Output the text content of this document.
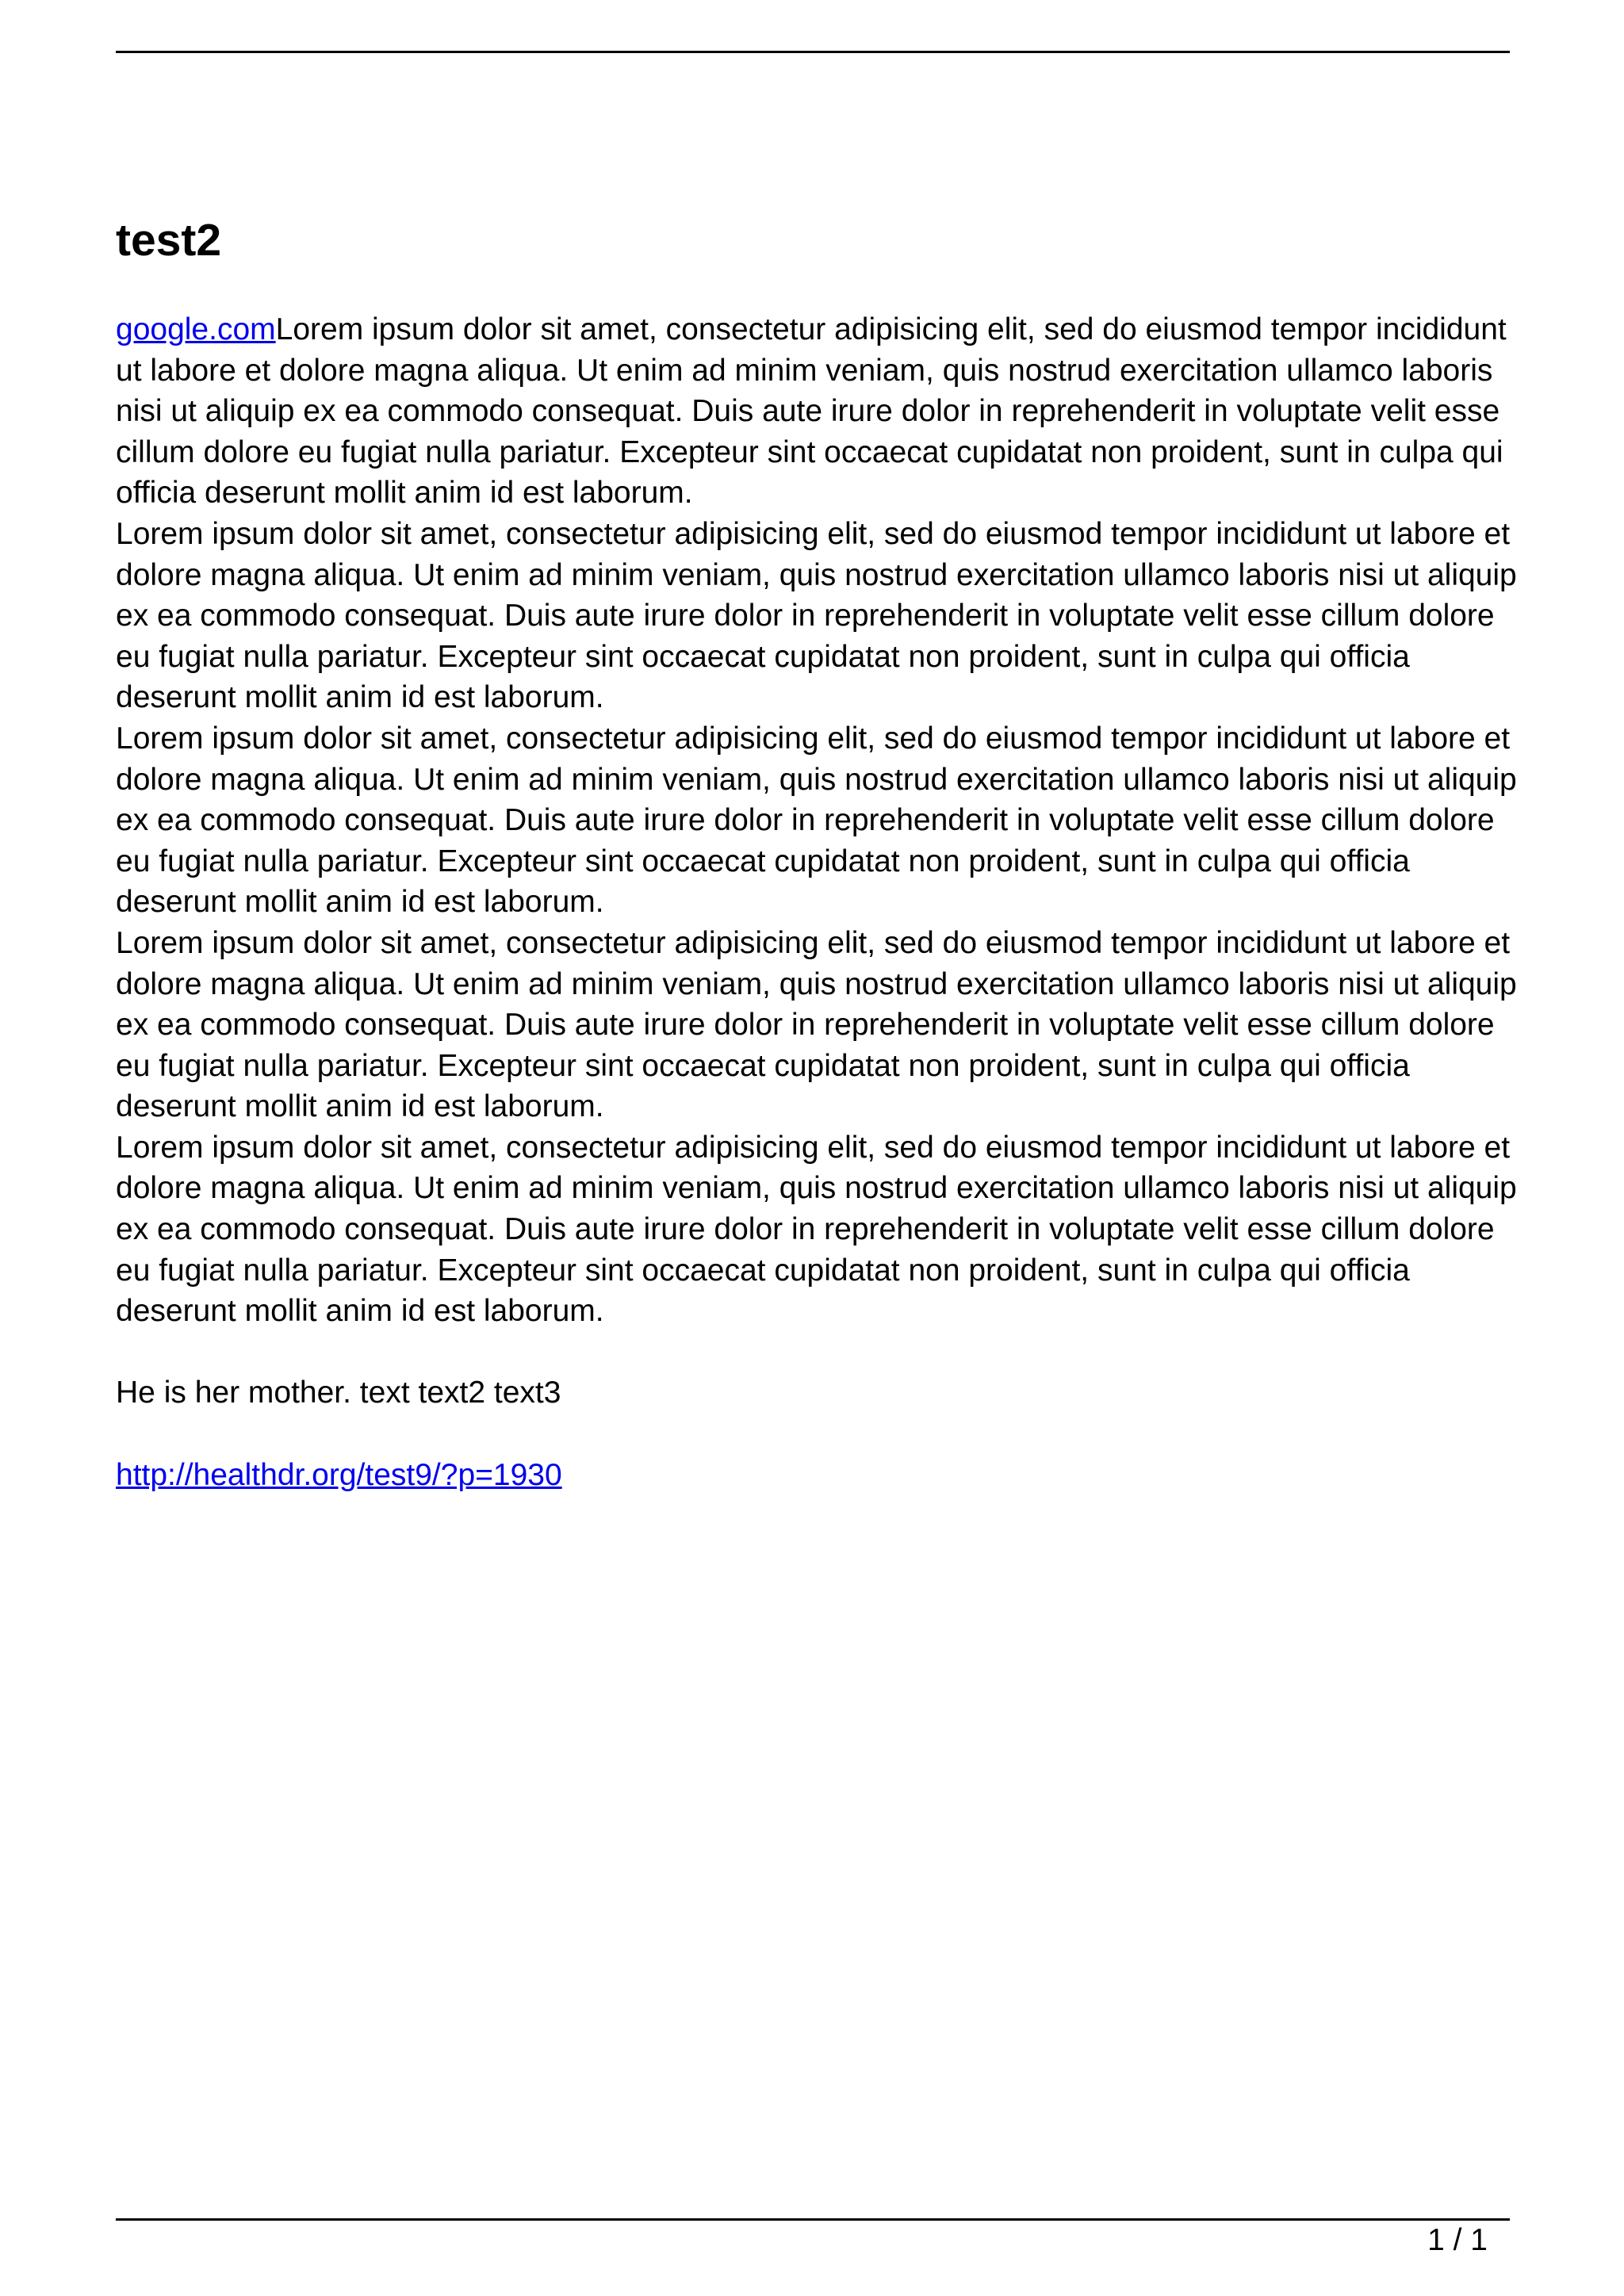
test2

google.comLorem ipsum dolor sit amet, consectetur adipisicing elit, sed do eiusmod tempor incididunt ut labore et dolore magna aliqua. Ut enim ad minim veniam, quis nostrud exercitation ullamco laboris nisi ut aliquip ex ea commodo consequat. Duis aute irure dolor in reprehenderit in voluptate velit esse cillum dolore eu fugiat nulla pariatur. Excepteur sint occaecat cupidatat non proident, sunt in culpa qui officia deserunt mollit anim id est laborum.

Lorem ipsum dolor sit amet, consectetur adipisicing elit, sed do eiusmod tempor incididunt ut labore et dolore magna aliqua. Ut enim ad minim veniam, quis nostrud exercitation ullamco laboris nisi ut aliquip ex ea commodo consequat. Duis aute irure dolor in reprehenderit in voluptate velit esse cillum dolore eu fugiat nulla pariatur. Excepteur sint occaecat cupidatat non proident, sunt in culpa qui officia deserunt mollit anim id est laborum.

Lorem ipsum dolor sit amet, consectetur adipisicing elit, sed do eiusmod tempor incididunt ut labore et dolore magna aliqua. Ut enim ad minim veniam, quis nostrud exercitation ullamco laboris nisi ut aliquip ex ea commodo consequat. Duis aute irure dolor in reprehenderit in voluptate velit esse cillum dolore eu fugiat nulla pariatur. Excepteur sint occaecat cupidatat non proident, sunt in culpa qui officia deserunt mollit anim id est laborum.

Lorem ipsum dolor sit amet, consectetur adipisicing elit, sed do eiusmod tempor incididunt ut labore et dolore magna aliqua. Ut enim ad minim veniam, quis nostrud exercitation ullamco laboris nisi ut aliquip ex ea commodo consequat. Duis aute irure dolor in reprehenderit in voluptate velit esse cillum dolore eu fugiat nulla pariatur. Excepteur sint occaecat cupidatat non proident, sunt in culpa qui officia deserunt mollit anim id est laborum.

Lorem ipsum dolor sit amet, consectetur adipisicing elit, sed do eiusmod tempor incididunt ut labore et dolore magna aliqua. Ut enim ad minim veniam, quis nostrud exercitation ullamco laboris nisi ut aliquip ex ea commodo consequat. Duis aute irure dolor in reprehenderit in voluptate velit esse cillum dolore eu fugiat nulla pariatur. Excepteur sint occaecat cupidatat non proident, sunt in culpa qui officia deserunt mollit anim id est laborum.

He is her mother. text text2 text3

http://healthdr.org/test9/?p=1930

1 / 1
